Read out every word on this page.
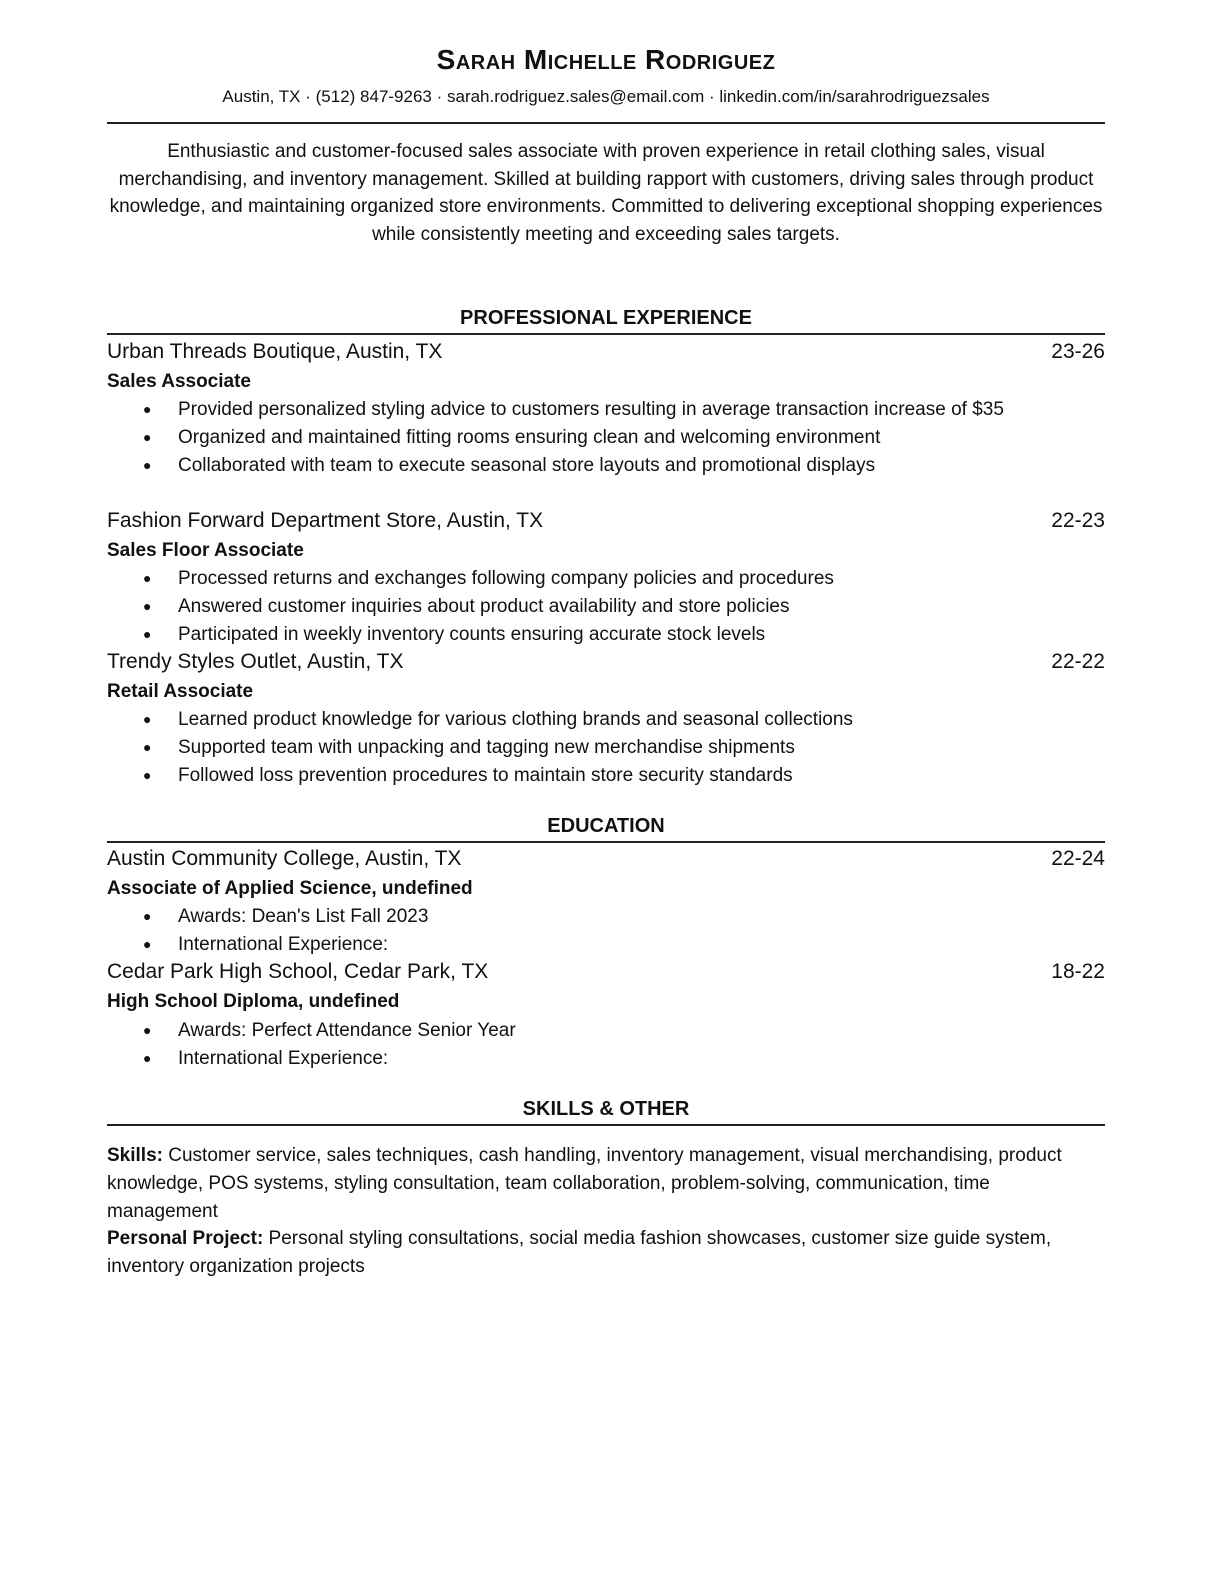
Sarah Michelle Rodriguez
Austin, TX · (512) 847-9263 · sarah.rodriguez.sales@email.com · linkedin.com/in/sarahrodriguezsales
Enthusiastic and customer-focused sales associate with proven experience in retail clothing sales, visual merchandising, and inventory management. Skilled at building rapport with customers, driving sales through product knowledge, and maintaining organized store environments. Committed to delivering exceptional shopping experiences while consistently meeting and exceeding sales targets.
PROFESSIONAL EXPERIENCE
Urban Threads Boutique, Austin, TX	23-26
Sales Associate
● Provided personalized styling advice to customers resulting in average transaction increase of $35
● Organized and maintained fitting rooms ensuring clean and welcoming environment
● Collaborated with team to execute seasonal store layouts and promotional displays
Fashion Forward Department Store, Austin, TX	22-23
Sales Floor Associate
● Processed returns and exchanges following company policies and procedures
● Answered customer inquiries about product availability and store policies
● Participated in weekly inventory counts ensuring accurate stock levels
Trendy Styles Outlet, Austin, TX	22-22
Retail Associate
● Learned product knowledge for various clothing brands and seasonal collections
● Supported team with unpacking and tagging new merchandise shipments
● Followed loss prevention procedures to maintain store security standards
EDUCATION
Austin Community College, Austin, TX	22-24
Associate of Applied Science, undefined
● Awards: Dean's List Fall 2023
● International Experience:
Cedar Park High School, Cedar Park, TX	18-22
High School Diploma, undefined
● Awards: Perfect Attendance Senior Year
● International Experience:
SKILLS & OTHER
Skills: Customer service, sales techniques, cash handling, inventory management, visual merchandising, product knowledge, POS systems, styling consultation, team collaboration, problem-solving, communication, time management
Personal Project: Personal styling consultations, social media fashion showcases, customer size guide system, inventory organization projects
